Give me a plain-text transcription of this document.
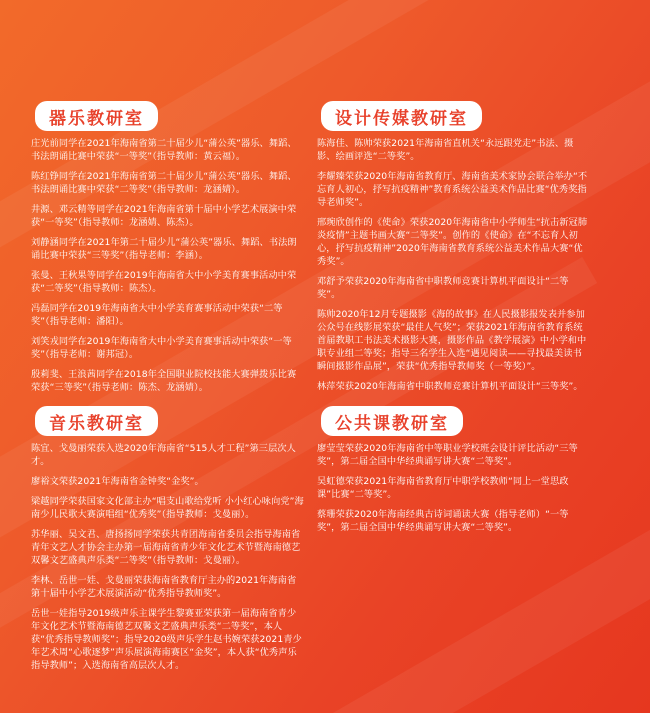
器乐教研室
庄光前同学在2021年海南省第二十届少儿“蒲公英”器乐、舞蹈、书法朗诵比赛中荣获“一等奖”（指导教师：黄云福）。
陈红铮同学在2021年海南省第二十届少儿“蒲公英”器乐、舞蹈、书法朗诵比赛中荣获“二等奖”（指导教师：龙涵婧）。
井源、邓云精等同学在2021年海南省第十届中小学艺术展演中荣获“一等奖”（指导教师：龙涵婧、陈杰）。
刘静涵同学在2021年第二十届少儿“蒲公英”器乐、舞蹈、书法朗诵比赛中荣获“三等奖”（指导老师：李涵）。
张曼、王秋果等同学在2019年海南省大中小学美育赛事活动中荣获“二等奖”（指导教师：陈杰）。
冯磊同学在2019年海南省大中小学美育赛事活动中荣获“二等奖”（指导老师：潘阳）。
刘笑戎同学在2019年海南省大中小学美育赛事活动中荣获“一等奖”（指导老师：谢邦冠）。
殷莉斐、王浪茜同学在2018年全国职业院校技能大赛弹拨乐比赛荣获“三等奖”（指导老师：陈杰、龙涵婧）。
设计传媒教研室
陈海佳、陈帅荣获2021年海南省直机关“永远跟党走”书法、摄影、绘画评选“二等奖”。
李耀臻荣获2020年海南省教育厅、海南省美术家协会联合举办“不忘育人初心，抒写抗疫精神”教育系统公益美术作品比赛“优秀奖指导老师奖”。
邢琬欣创作的《使命》荣获2020年海南省中小学师生“抗击新冠肺炎疫情”主题书画大赛“二等奖”。创作的《使命》在“不忘育人初心，抒写抗疫精神”2020年海南省教育系统公益美术作品大赛“优秀奖”。
邓舒予荣获2020年海南省中职教师竞赛计算机平面设计“二等奖”。
陈帅2020年12月专题摄影《海的故事》在人民摄影报发表并参加公众号在线影展荣获“最佳人气奖”；荣获2021年海南省教育系统首届教职工书法美术摄影大赛，摄影作品《教学展演》中小学和中职专业组二等奖；指导三名学生入选“遇见阅读——寻找最美读书瞬间摄影作品展”，荣获“优秀指导教师奖（一等奖）”。
林萍荣获2020年海南省中职教师竞赛计算机平面设计“三等奖”。
音乐教研室
陈宜、戈曼丽荣获入选2020年海南省“515人才工程”第三层次人才。
廖裕文荣获2021年海南省金钟奖“金奖”。
梁越同学荣获国家文化部主办“唱支山歌给党听 小小红心咏向党”海南少儿民歌大赛演唱组“优秀奖”（指导教师：戈曼丽）。
苏华丽、吴文君、唐扬扬同学荣获共青团海南省委员会指导海南省青年文艺人才协会主办第一届海南省青少年文化艺术节暨海南德艺双馨文艺盛典声乐类“二等奖”（指导教师：戈曼丽）。
李林、岳世一娃、戈曼丽荣获海南省教育厅主办的2021年海南省第十届中小学艺术展演活动“优秀指导教师奖”。
岳世一娃指导2019级声乐主课学生黎赛亚荣获第一届海南省青少年文化艺术节暨海南德艺双馨文艺盛典声乐类“二等奖”，本人获“优秀指导教师奖”；指导2020级声乐学生赵书婉荣获2021青少年艺术周“心歌逐梦”声乐展演海南赛区“金奖”，本人获“优秀声乐指导教师”；入选海南省高层次人才。
公共课教研室
廖莹莹荣获2020年海南省中等职业学校班会设计评比活动“三等奖”，第二届全国中华经典诵写讲大赛“二等奖”。
吴虹德荣获2021年海南省教育厅中职学校教师“同上一堂思政课”比赛“二等奖”。
蔡珊荣获2020年海南经典古诗词诵读大赛（指导老师）“一等奖”，第二届全国中华经典诵写讲大赛“二等奖”。
